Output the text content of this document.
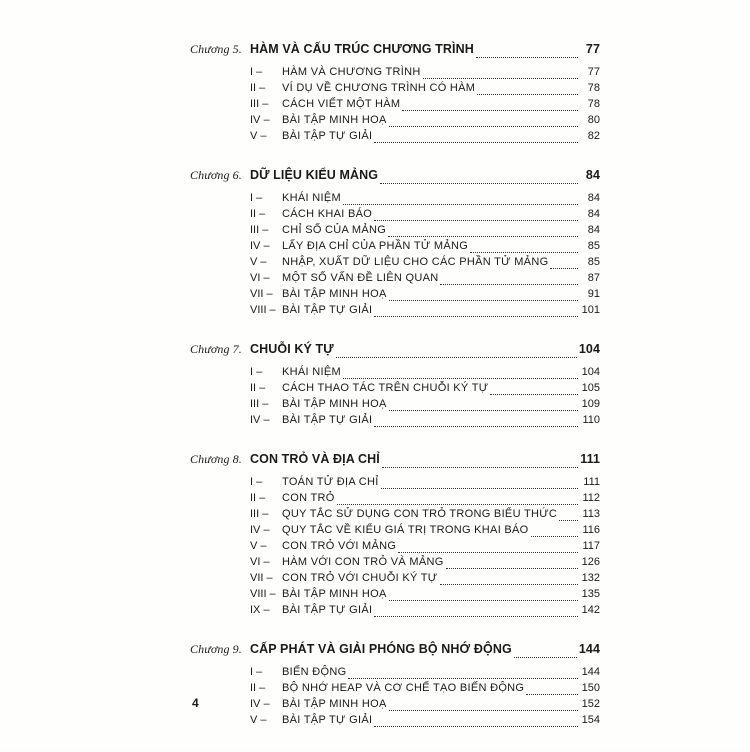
Chương 5. HÀM VÀ CẤU TRÚC CHƯƠNG TRÌNH	77
I –	HÀM VÀ CHƯƠNG TRÌNH	77
II –	VÍ DỤ VỀ CHƯƠNG TRÌNH CÓ HÀM	78
III –	CÁCH VIẾT MỘT HÀM	78
IV –	BÀI TẬP MINH HOẠ	80
V –	BÀI TẬP TỰ GIẢI	82
Chương 6. DỮ LIỆU KIỂU MẢNG	84
I –	KHÁI NIỆM	84
II –	CÁCH KHAI BÁO	84
III –	CHỈ SỐ CỦA MẢNG	84
IV –	LẤY ĐỊA CHỈ CỦA PHẦN TỬ MẢNG	85
V –	NHẬP, XUẤT DỮ LIỆU CHO CÁC PHẦN TỬ MẢNG	85
VI –	MỘT SỐ VẤN ĐỀ LIÊN QUAN	87
VII – BÀI TẬP MINH HOẠ	91
VIII – BÀI TẬP TỰ GIẢI	101
Chương 7. CHUỖI KÝ TỰ	104
I –	KHÁI NIỆM	104
II –	CÁCH THAO TÁC TRÊN CHUỖI KÝ TỰ	105
III –	BÀI TẬP MINH HOẠ	109
IV –	BÀI TẬP TỰ GIẢI	110
Chương 8. CON TRỎ VÀ ĐỊA CHỈ	111
I –	TOÁN TỬ ĐỊA CHỈ	111
II –	CON TRỎ	112
III –	QUY TẮC SỬ DỤNG CON TRỎ TRONG BIỂU THỨC 113
IV –	QUY TẮC VỀ KIỂU GIÁ TRỊ TRONG KHAI BÁO	116
V –	CON TRỎ VỚI MẢNG	117
VI –	HÀM VỚI CON TRỎ VÀ MẢNG	126
VII – CON TRỎ VỚI CHUỖI KÝ TỰ	132
VIII – BÀI TẬP MINH HOẠ	135
IX –	BÀI TẬP TỰ GIẢI	142
Chương 9. CẤP PHÁT VÀ GIẢI PHÓNG BỘ NHỚ ĐỘNG	144
I –	BIẾN ĐỘNG	144
II –	BỘ NHỚ HEAP VÀ CƠ CHẾ TẠO BIẾN ĐỘNG	150
IV –	BÀI TẬP MINH HOẠ	152
V –	BÀI TẬP TỰ GIẢI	154
4
